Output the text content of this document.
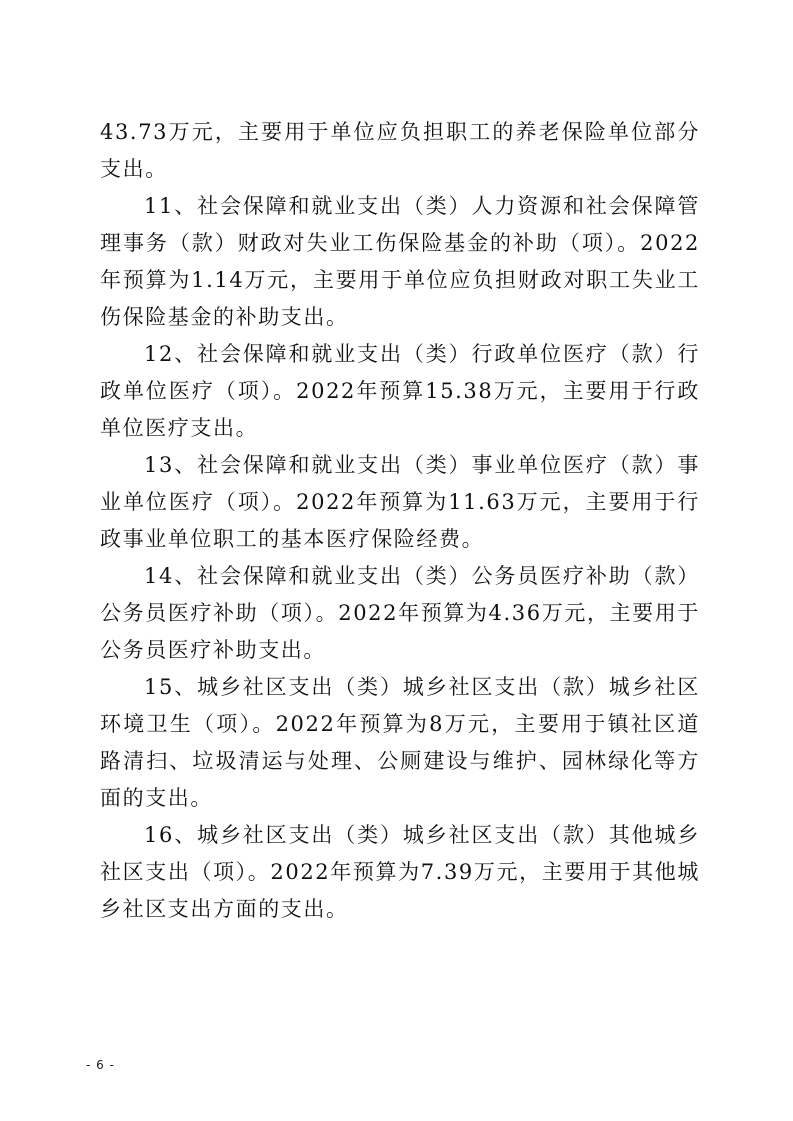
43.73万元，主要用于单位应负担职工的养老保险单位部分支出。

11、社会保障和就业支出（类）人力资源和社会保障管理事务（款）财政对失业工伤保险基金的补助（项）。2022年预算为1.14万元，主要用于单位应负担财政对职工失业工伤保险基金的补助支出。

12、社会保障和就业支出（类）行政单位医疗（款）行政单位医疗（项）。2022年预算15.38万元，主要用于行政单位医疗支出。

13、社会保障和就业支出（类）事业单位医疗（款）事业单位医疗（项）。2022年预算为11.63万元，主要用于行政事业单位职工的基本医疗保险经费。

14、社会保障和就业支出（类）公务员医疗补助（款）公务员医疗补助（项）。2022年预算为4.36万元，主要用于公务员医疗补助支出。

15、城乡社区支出（类）城乡社区支出（款）城乡社区环境卫生（项）。2022年预算为8万元，主要用于镇社区道路清扫、垃圾清运与处理、公厕建设与维护、园林绿化等方面的支出。

16、城乡社区支出（类）城乡社区支出（款）其他城乡社区支出（项）。2022年预算为7.39万元，主要用于其他城乡社区支出方面的支出。

- 6 -
